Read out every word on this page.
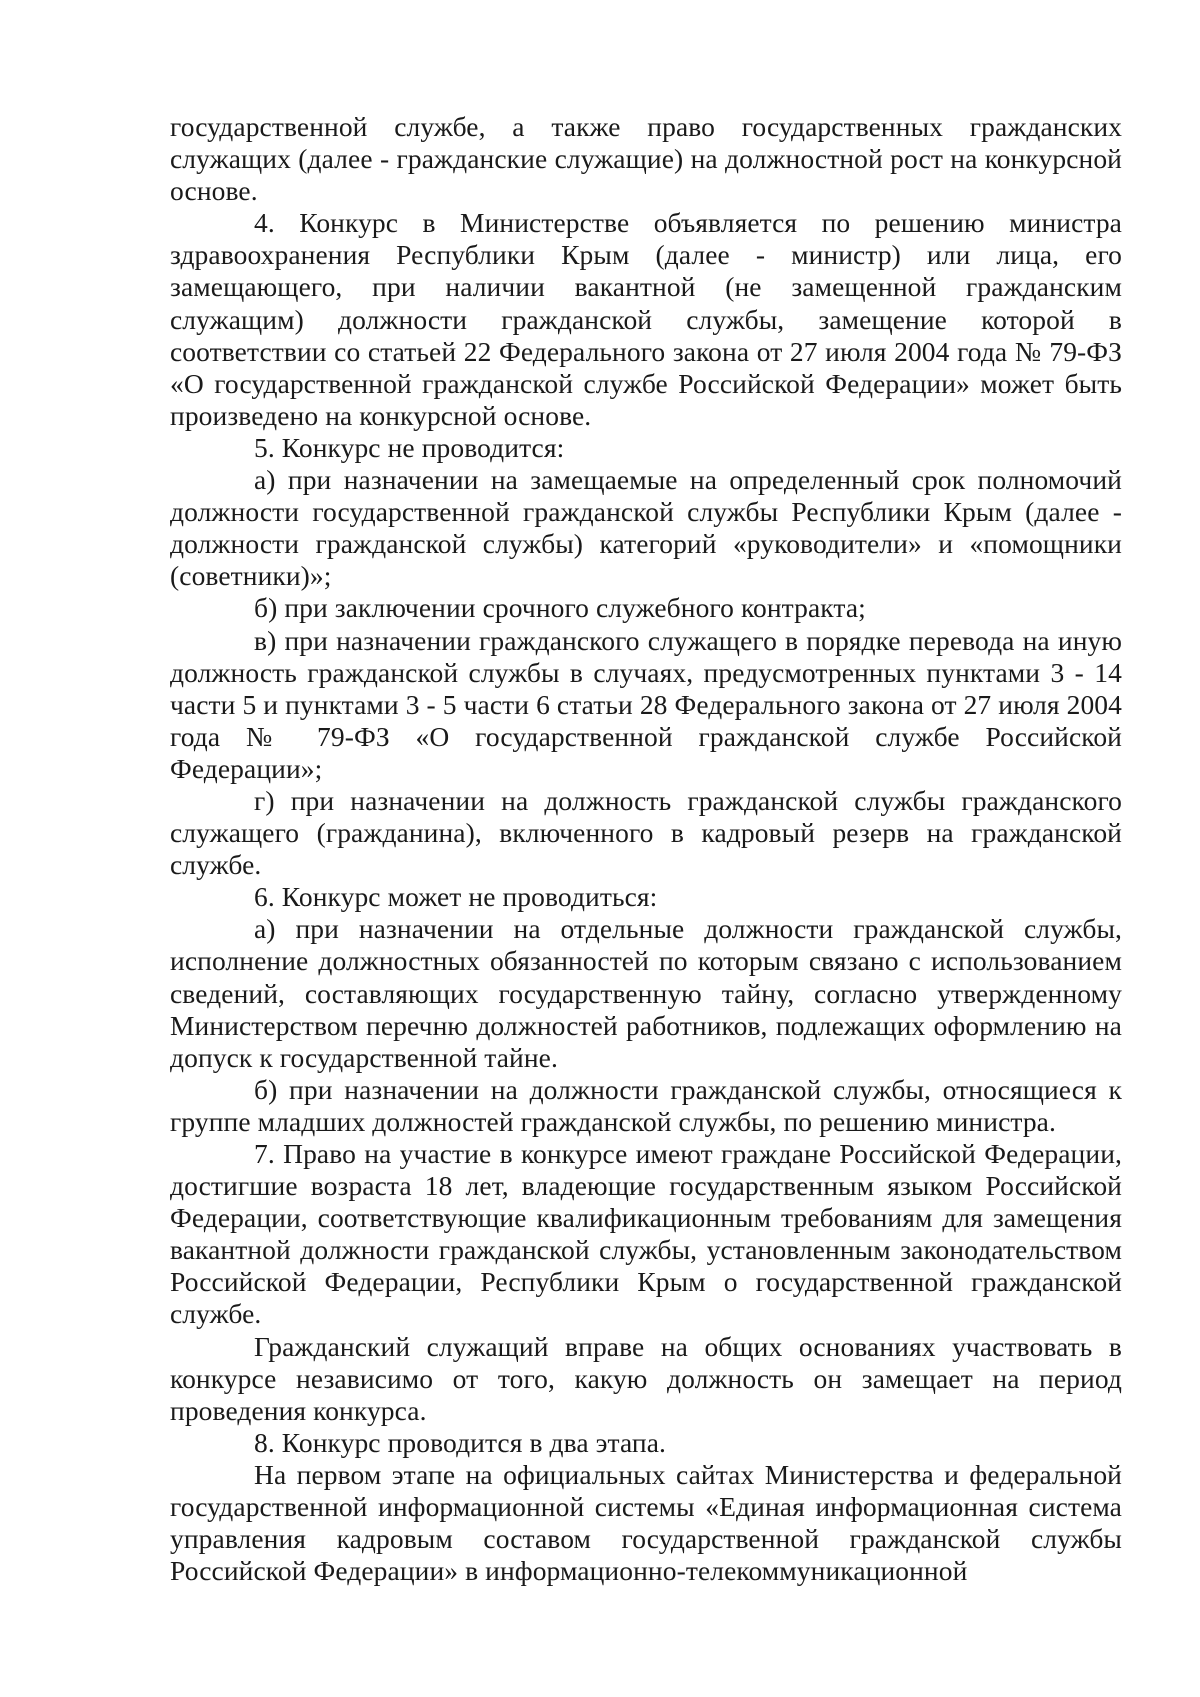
государственной службе, а также право государственных гражданских служащих (далее - гражданские служащие) на должностной рост на конкурсной основе.

4. Конкурс в Министерстве объявляется по решению министра здравоохранения Республики Крым (далее - министр) или лица, его замещающего, при наличии вакантной (не замещенной гражданским служащим) должности гражданской службы, замещение которой в соответствии со статьей 22 Федерального закона от 27 июля 2004 года № 79-ФЗ «О государственной гражданской службе Российской Федерации» может быть произведено на конкурсной основе.

5. Конкурс не проводится:

а) при назначении на замещаемые на определенный срок полномочий должности государственной гражданской службы Республики Крым (далее - должности гражданской службы) категорий «руководители» и «помощники (советники)»;

б) при заключении срочного служебного контракта;

в) при назначении гражданского служащего в порядке перевода на иную должность гражданской службы в случаях, предусмотренных пунктами 3 - 14 части 5 и пунктами 3 - 5 части 6 статьи 28 Федерального закона от 27 июля 2004 года № 79-ФЗ «О государственной гражданской службе Российской Федерации»;

г) при назначении на должность гражданской службы гражданского служащего (гражданина), включенного в кадровый резерв на гражданской службе.

6. Конкурс может не проводиться:

а) при назначении на отдельные должности гражданской службы, исполнение должностных обязанностей по которым связано с использованием сведений, составляющих государственную тайну, согласно утвержденному Министерством перечню должностей работников, подлежащих оформлению на допуск к государственной тайне.

б) при назначении на должности гражданской службы, относящиеся к группе младших должностей гражданской службы, по решению министра.

7. Право на участие в конкурсе имеют граждане Российской Федерации, достигшие возраста 18 лет, владеющие государственным языком Российской Федерации, соответствующие квалификационным требованиям для замещения вакантной должности гражданской службы, установленным законодательством Российской Федерации, Республики Крым о государственной гражданской службе.

Гражданский служащий вправе на общих основаниях участвовать в конкурсе независимо от того, какую должность он замещает на период проведения конкурса.

8. Конкурс проводится в два этапа.

На первом этапе на официальных сайтах Министерства и федеральной государственной информационной системы «Единая информационная система управления кадровым составом государственной гражданской службы Российской Федерации» в информационно-телекоммуникационной
